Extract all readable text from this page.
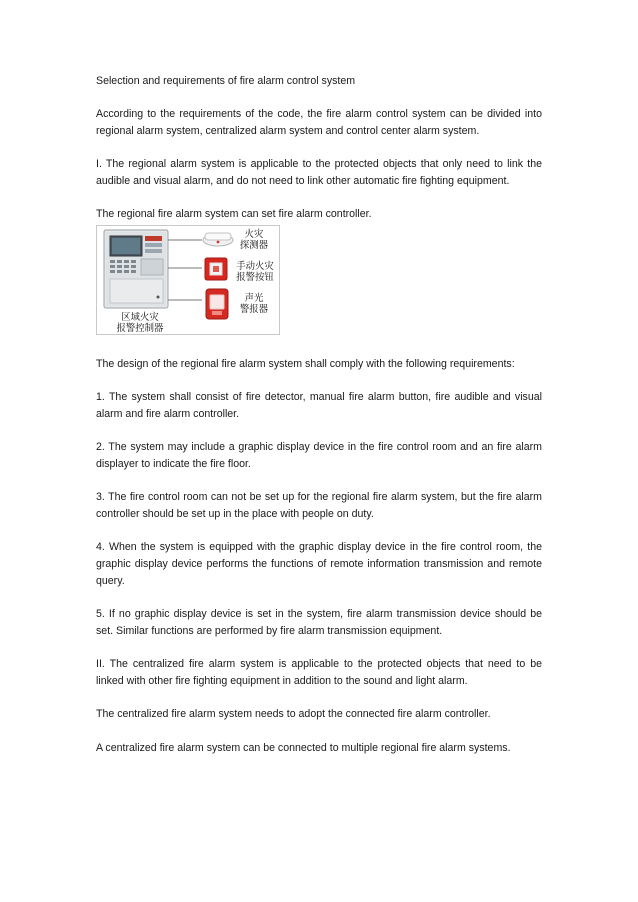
Selection and requirements of fire alarm control system

According to the requirements of the code, the fire alarm control system can be divided into regional alarm system, centralized alarm system and control center alarm system.

I. The regional alarm system is applicable to the protected objects that only need to link the audible and visual alarm, and do not need to link other automatic fire fighting equipment.

The regional fire alarm system can set fire alarm controller.

火灾
探测器
手动火灾
报警按钮
声光
警报器
区域火灾
报警控制器

The design of the regional fire alarm system shall comply with the following requirements:

1. The system shall consist of fire detector, manual fire alarm button, fire audible and visual alarm and fire alarm controller.

2. The system may include a graphic display device in the fire control room and an fire alarm displayer to indicate the fire floor.

3. The fire control room can not be set up for the regional fire alarm system, but the fire alarm controller should be set up in the place with people on duty.

4. When the system is equipped with the graphic display device in the fire control room, the graphic display device performs the functions of remote information transmission and remote query.

5. If no graphic display device is set in the system, fire alarm transmission device should be set. Similar functions are performed by fire alarm transmission equipment.

II. The centralized fire alarm system is applicable to the protected objects that need to be linked with other fire fighting equipment in addition to the sound and light alarm.

The centralized fire alarm system needs to adopt the connected fire alarm controller.

A centralized fire alarm system can be connected to multiple regional fire alarm systems.
